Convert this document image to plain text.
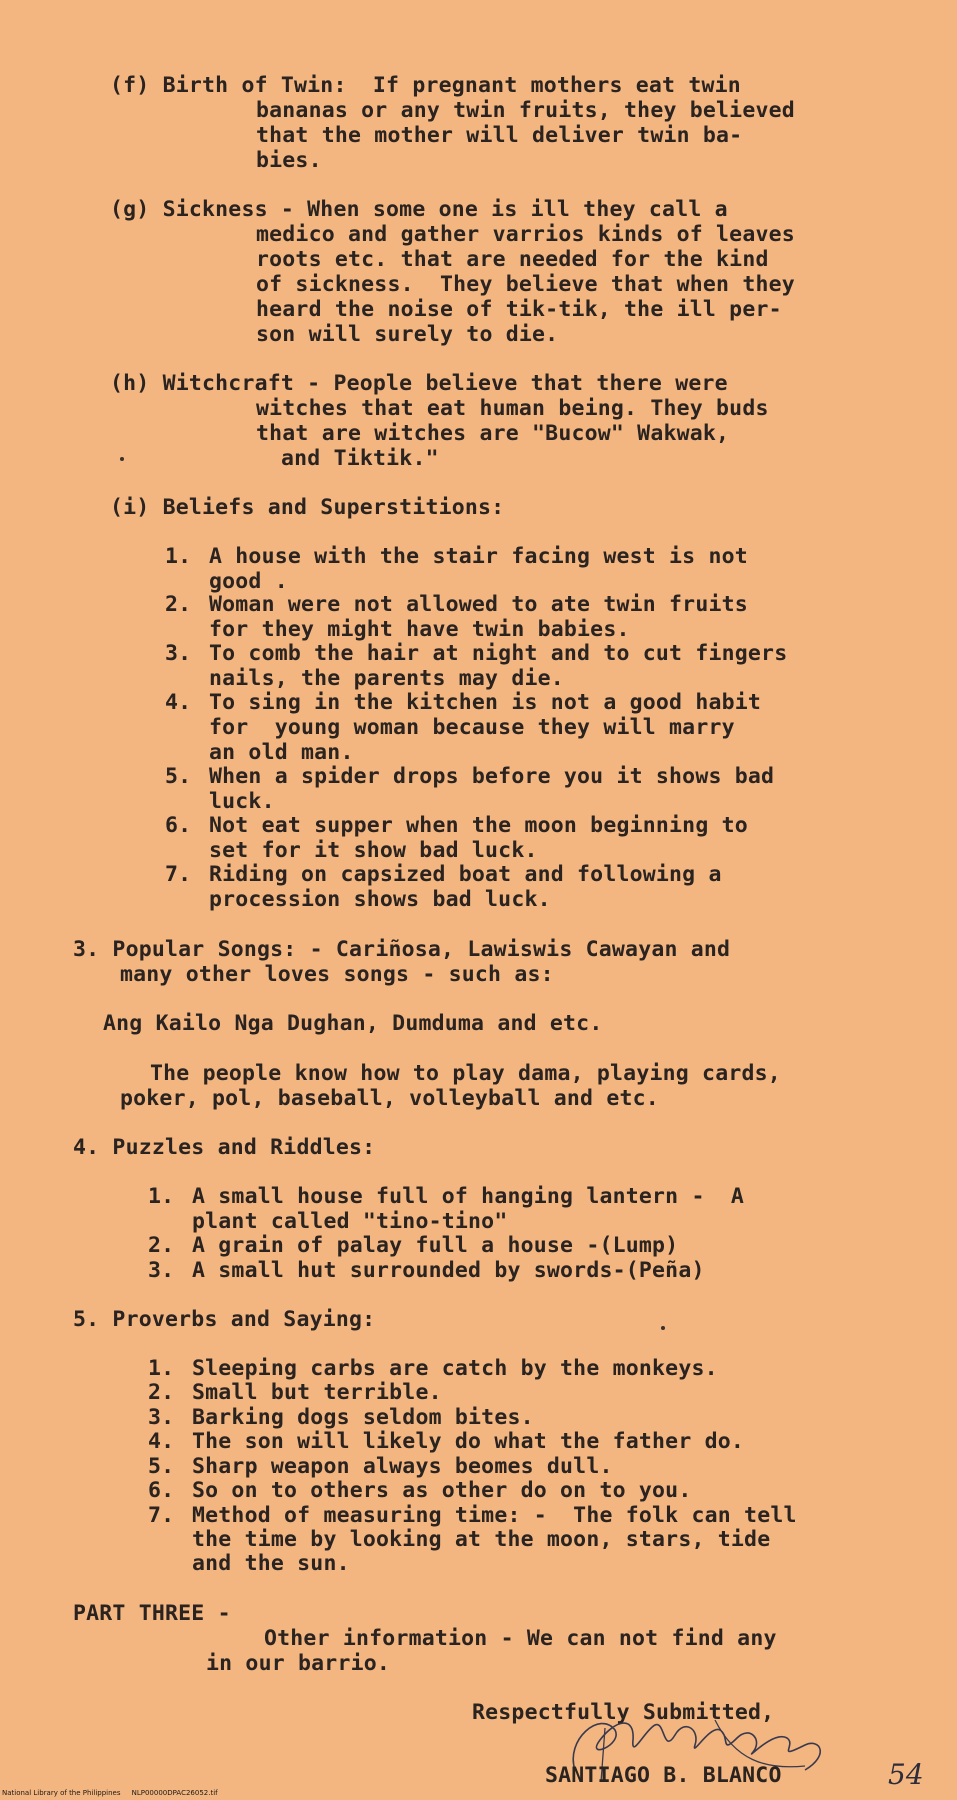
(f) Birth of Twin:  If pregnant mothers eat twin
bananas or any twin fruits, they believed
that the mother will deliver twin ba-
bies.
(g) Sickness - When some one is ill they call a
medico and gather varrios kinds of leaves
roots etc. that are needed for the kind
of sickness.  They believe that when they
heard the noise of tik-tik, the ill per-
son will surely to die.
(h) Witchcraft - People believe that there were
witches that eat human being. They buds
that are witches are "Bucow" Wakwak,
and Tiktik."
(i) Beliefs and Superstitions:
1. A house with the stair facing west is not
good .
2. Woman were not allowed to ate twin fruits
for they might have twin babies.
3. To comb the hair at night and to cut fingers
nails, the parents may die.
4. To sing in the kitchen is not a good habit
for  young woman because they will marry
an old man.
5. When a spider drops before you it shows bad
luck.
6. Not eat supper when the moon beginning to
set for it show bad luck.
7. Riding on capsized boat and following a
procession shows bad luck.
3. Popular Songs: - Cariñosa, Lawiswis Cawayan and
many other loves songs - such as:
Ang Kailo Nga Dughan, Dumduma and etc.
The people know how to play dama, playing cards,
poker, pol, baseball, volleyball and etc.
4. Puzzles and Riddles:
1. A small house full of hanging lantern -  A
plant called "tino-tino"
2. A grain of palay full a house -(Lump)
3. A small hut surrounded by swords-(Peña)
5. Proverbs and Saying:
1. Sleeping carbs are catch by the monkeys.
2. Small but terrible.
3. Barking dogs seldom bites.
4. The son will likely do what the father do.
5. Sharp weapon always beomes dull.
6. So on to others as other do on to you.
7. Method of measuring time: -  The folk can tell
the time by looking at the moon, stars, tide
and the sun.
PART THREE -
Other information - We can not find any
in our barrio.
Respectfully Submitted,
SANTIAGO B. BLANCO	54
National Library of the Philippines     NLP00000DPAC26052.tif
